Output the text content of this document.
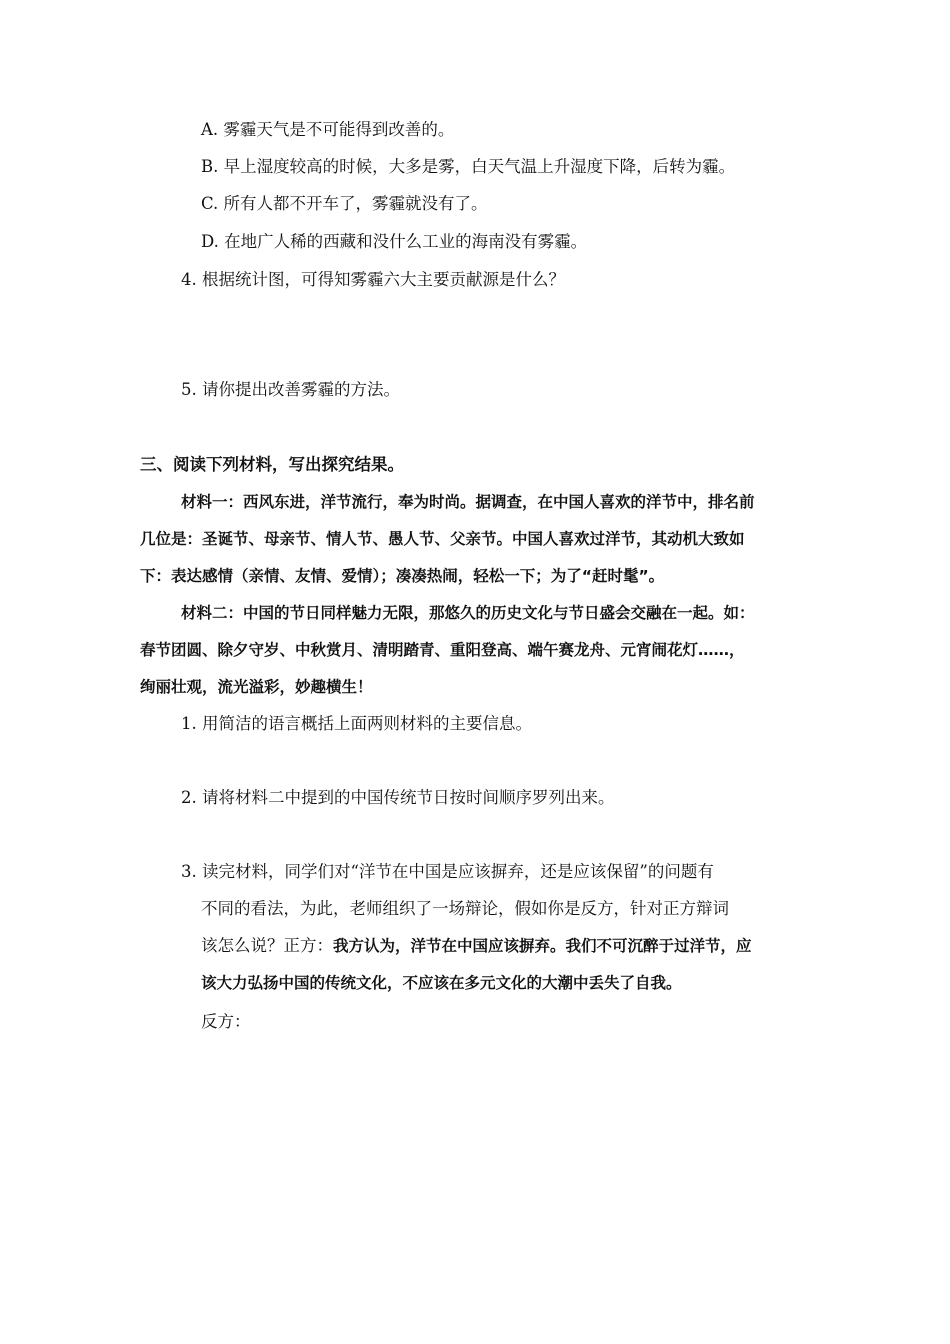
A. 雾霾天气是不可能得到改善的。
B. 早上湿度较高的时候，大多是雾，白天气温上升湿度下降，后转为霾。
C. 所有人都不开车了，雾霾就没有了。
D. 在地广人稀的西藏和没什么工业的海南没有雾霾。
4. 根据统计图，可得知雾霾六大主要贡献源是什么？
5. 请你提出改善雾霾的方法。
三、阅读下列材料，写出探究结果。
材料一：西风东进，洋节流行，奉为时尚。据调查，在中国人喜欢的洋节中，排名前
几位是：圣诞节、母亲节、情人节、愚人节、父亲节。中国人喜欢过洋节，其动机大致如
下：表达感情（亲情、友情、爱情）；凑凑热闹，轻松一下；为了“赶时髦”。
材料二：中国的节日同样魅力无限，那悠久的历史文化与节日盛会交融在一起。如：
春节团圆、除夕守岁、中秋赏月、清明踏青、重阳登高、端午赛龙舟、元宵闹花灯……，
绚丽壮观，流光溢彩，妙趣横生！
1. 用简洁的语言概括上面两则材料的主要信息。
2. 请将材料二中提到的中国传统节日按时间顺序罗列出来。
3. 读完材料，同学们对“洋节在中国是应该摒弃，还是应该保留”的问题有
不同的看法，为此，老师组织了一场辩论，假如你是反方，针对正方辩词
该怎么说？正方：我方认为，洋节在中国应该摒弃。我们不可沉醉于过洋节，应
该大力弘扬中国的传统文化，不应该在多元文化的大潮中丢失了自我。
反方：
